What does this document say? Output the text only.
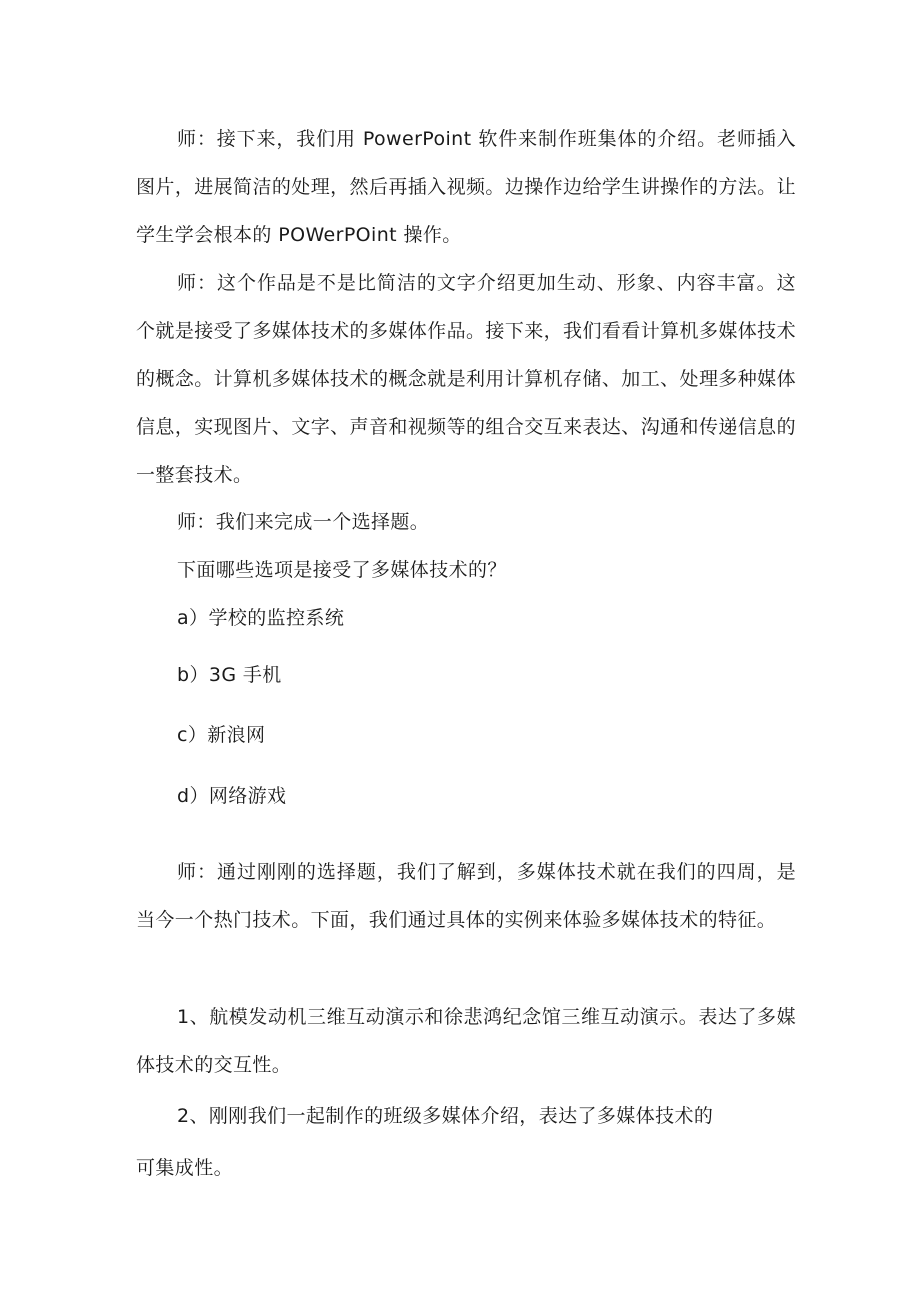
师：接下来，我们用 PowerPoint 软件来制作班集体的介绍。老师插入图片，进展简洁的处理，然后再插入视频。边操作边给学生讲操作的方法。让学生学会根本的 POWerPOint 操作。

师：这个作品是不是比简洁的文字介绍更加生动、形象、内容丰富。这个就是接受了多媒体技术的多媒体作品。接下来，我们看看计算机多媒体技术的概念。计算机多媒体技术的概念就是利用计算机存储、加工、处理多种媒体信息，实现图片、文字、声音和视频等的组合交互来表达、沟通和传递信息的一整套技术。

师：我们来完成一个选择题。

下面哪些选项是接受了多媒体技术的？

a）学校的监控系统

b）3G 手机

c）新浪网

d）网络游戏

师：通过刚刚的选择题，我们了解到，多媒体技术就在我们的四周，是当今一个热门技术。下面，我们通过具体的实例来体验多媒体技术的特征。

1、航模发动机三维互动演示和徐悲鸿纪念馆三维互动演示。表达了多媒体技术的交互性。

2、刚刚我们一起制作的班级多媒体介绍，表达了多媒体技术的

可集成性。
